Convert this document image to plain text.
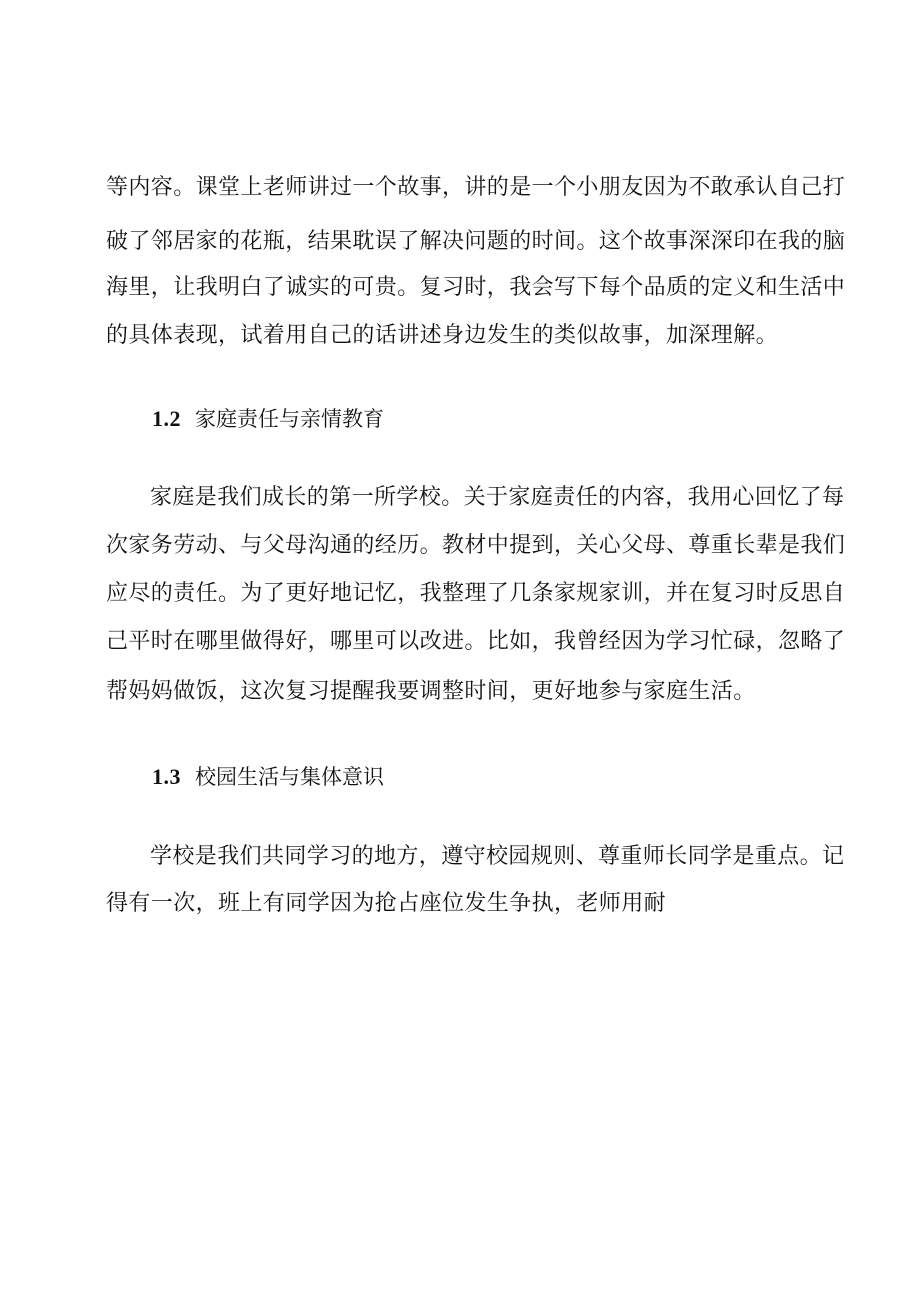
等内容。课堂上老师讲过一个故事，讲的是一个小朋友因为不敢承认自己打
破了邻居家的花瓶，结果耽误了解决问题的时间。这个故事深深印在我的脑
海里，让我明白了诚实的可贵。复习时，我会写下每个品质的定义和生活中
的具体表现，试着用自己的话讲述身边发生的类似故事，加深理解。
1.2 家庭责任与亲情教育
家庭是我们成长的第一所学校。关于家庭责任的内容，我用心回忆了每
次家务劳动、与父母沟通的经历。教材中提到，关心父母、尊重长辈是我们
应尽的责任。为了更好地记忆，我整理了几条家规家训，并在复习时反思自
己平时在哪里做得好，哪里可以改进。比如，我曾经因为学习忙碌，忽略了
帮妈妈做饭，这次复习提醒我要调整时间，更好地参与家庭生活。
1.3 校园生活与集体意识
学校是我们共同学习的地方，遵守校园规则、尊重师长同学是重点。记
得有一次，班上有同学因为抢占座位发生争执，老师用耐
